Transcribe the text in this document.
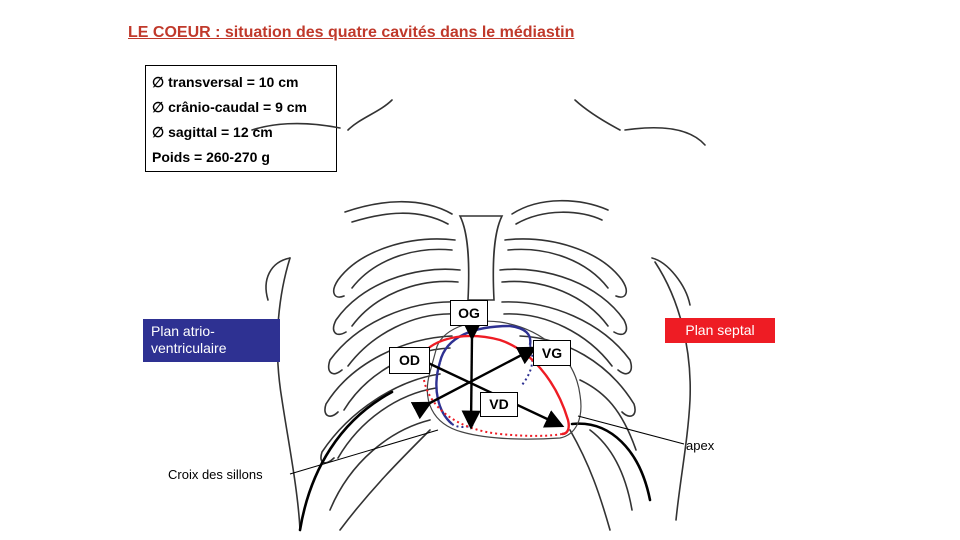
LE COEUR : situation des quatre cavités dans le médiastin
∅ transversal = 10 cm
∅ crânio-caudal = 9 cm
∅ sagittal = 12 cm
Poids = 260-270 g
Plan atrio-ventriculaire
Plan septal
OG
OD	VG
VD
Croix des sillons
apex
